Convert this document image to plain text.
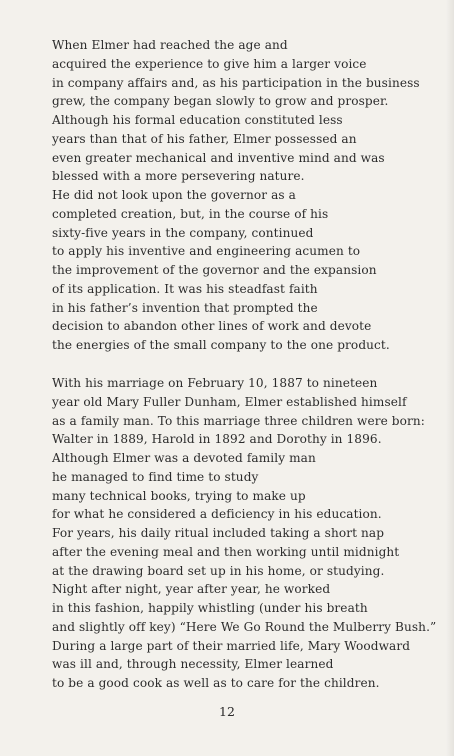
When Elmer had reached the age and
acquired the experience to give him a larger voice
in company affairs and, as his participation in the business
grew, the company began slowly to grow and prosper.
Although his formal education constituted less
years than that of his father, Elmer possessed an
even greater mechanical and inventive mind and was
blessed with a more persevering nature.
He did not look upon the governor as a
completed creation, but, in the course of his
sixty-five years in the company, continued
to apply his inventive and engineering acumen to
the improvement of the governor and the expansion
of its application. It was his steadfast faith
in his father’s invention that prompted the
decision to abandon other lines of work and devote
the energies of the small company to the one product.
With his marriage on February 10, 1887 to nineteen
year old Mary Fuller Dunham, Elmer established himself
as a family man. To this marriage three children were born:
Walter in 1889, Harold in 1892 and Dorothy in 1896.
Although Elmer was a devoted family man
he managed to find time to study
many technical books, trying to make up
for what he considered a deficiency in his education.
For years, his daily ritual included taking a short nap
after the evening meal and then working until midnight
at the drawing board set up in his home, or studying.
Night after night, year after year, he worked
in this fashion, happily whistling (under his breath
and slightly off key) “Here We Go Round the Mulberry Bush.”
During a large part of their married life, Mary Woodward
was ill and, through necessity, Elmer learned
to be a good cook as well as to care for the children.
12
